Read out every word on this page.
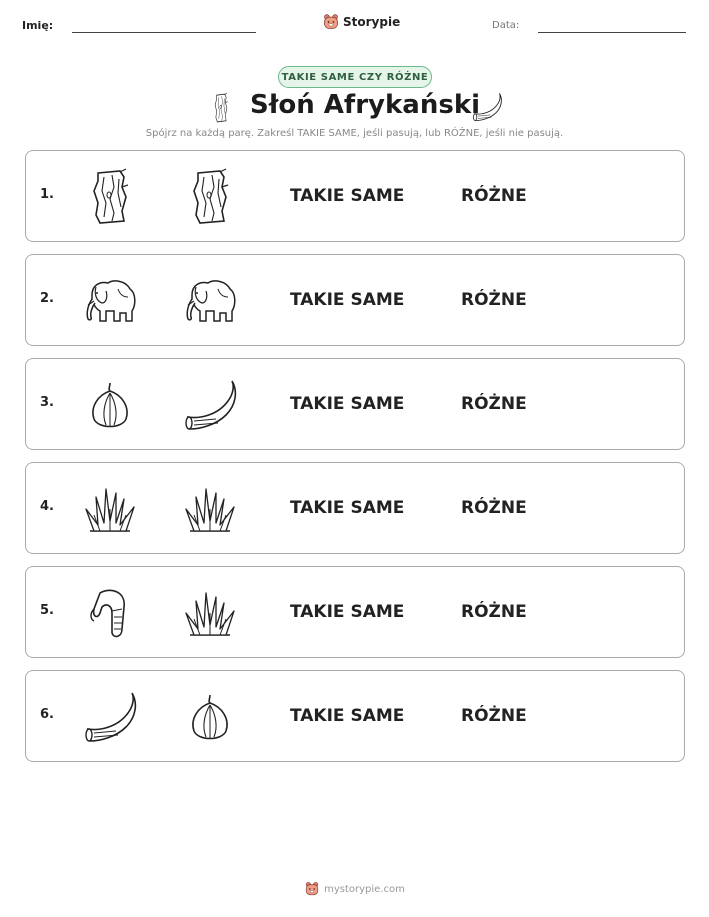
Imię:	Storypie	Data:
TAKIE SAME CZY RÓŻNE
Słoń Afrykański
Spójrz na każdą parę. Zakreśl TAKIE SAME, jeśli pasują, lub RÓŻNE, jeśli nie pasują.
1.	TAKIE SAME	RÓŻNE
2.	TAKIE SAME	RÓŻNE
3.	TAKIE SAME	RÓŻNE
4.	TAKIE SAME	RÓŻNE
5.	TAKIE SAME	RÓŻNE
6.	TAKIE SAME	RÓŻNE
mystorypie.com
